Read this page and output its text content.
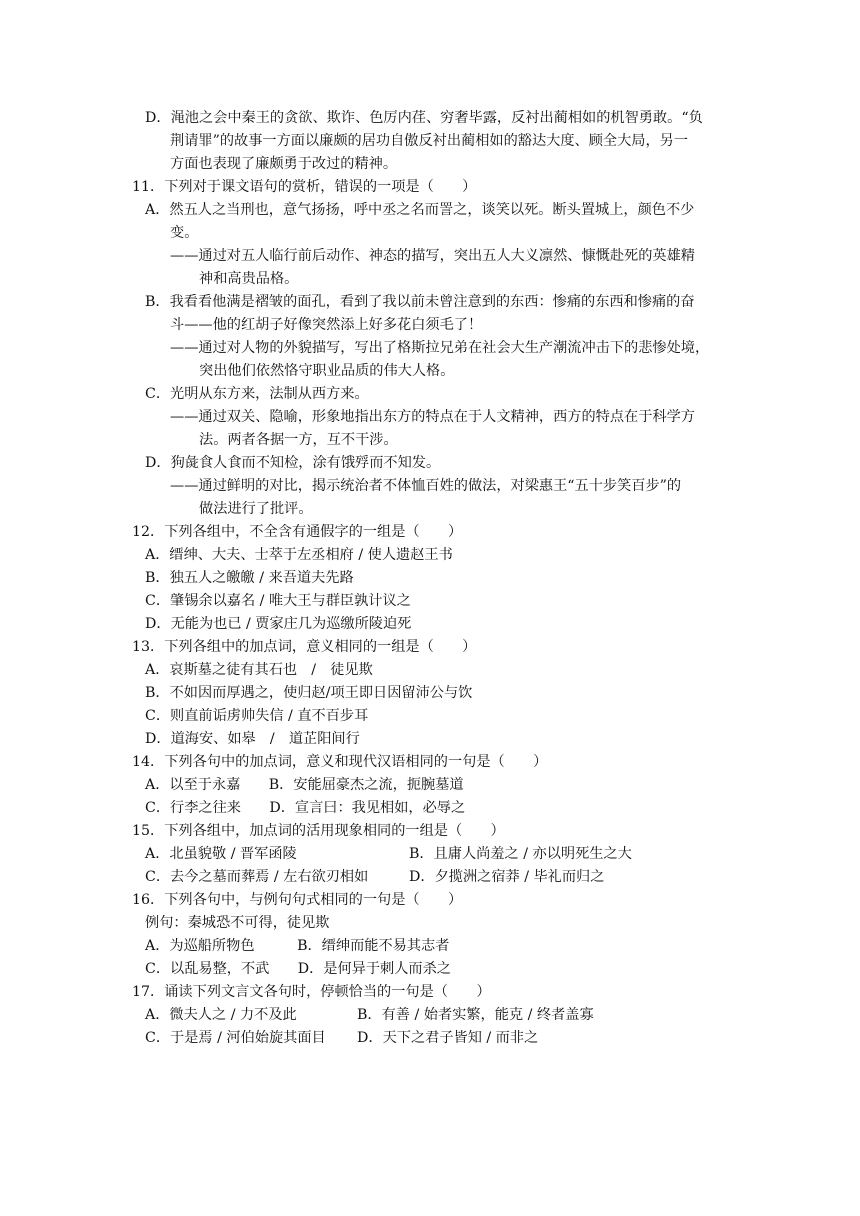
D．渑池之会中秦王的贪欲、欺诈、色厉内荏、穷奢毕露，反衬出蔺相如的机智勇敢。“负
荆请罪”的故事一方面以廉颇的居功自傲反衬出蔺相如的豁达大度、顾全大局，另一
方面也表现了廉颇勇于改过的精神。
11．下列对于课文语句的赏析，错误的一项是（　　）
A．然五人之当刑也，意气扬扬，呼中丞之名而詈之，谈笑以死。断头置城上，颜色不少
变。
——通过对五人临行前后动作、神态的描写，突出五人大义凛然、慷慨赴死的英雄精
神和高贵品格。
B．我看看他满是褶皱的面孔，看到了我以前未曾注意到的东西：惨痛的东西和惨痛的奋
斗——他的红胡子好像突然添上好多花白须毛了！
——通过对人物的外貌描写，写出了格斯拉兄弟在社会大生产潮流冲击下的悲惨处境，
突出他们依然恪守职业品质的伟大人格。
C．光明从东方来，法制从西方来。
——通过双关、隐喻，形象地指出东方的特点在于人文精神，西方的特点在于科学方
法。两者各据一方，互不干涉。
D．狗彘食人食而不知检，涂有饿殍而不知发。
——通过鲜明的对比，揭示统治者不体恤百姓的做法，对梁惠王“五十步笑百步”的
做法进行了批评。
12．下列各组中，不全含有通假字的一组是（　　）
A．缙绅、大夫、士萃于左丞相府 / 使人遗赵王书
B．独五人之皦皦 / 来吾道夫先路
C．肇锡余以嘉名 / 唯大王与群臣孰计议之
D．无能为也已 / 贾家庄几为巡缴所陵迫死
13．下列各组中的加点词，意义相同的一组是（　　）
A．哀斯墓之徒有其石也　/　徒见欺
B．不如因而厚遇之，使归赵/项王即日因留沛公与饮
C．则直前诟虏帅失信 / 直不百步耳
D．道海安、如皋　/　道芷阳间行
14．下列各句中的加点词，意义和现代汉语相同的一句是（　　）
A．以至于永嘉　　B．安能屈豪杰之流，扼腕墓道
C．行李之往来　　D．宣言曰：我见相如，必辱之
15．下列各组中，加点词的活用现象相同的一组是（　　）
A．北虽貌敬 / 晋军函陵	B．且庸人尚羞之 / 亦以明死生之大
C．去今之墓而葬焉 / 左右欲刃相如	D．夕揽洲之宿莽 / 毕礼而归之
16．下列各句中，与例句句式相同的一句是（　　）
例句：秦城恐不可得，徒见欺
A．为巡船所物色　　　B．缙绅而能不易其志者
C．以乱易整，不武　　D．是何异于刺人而杀之
17．诵读下列文言文各句时，停顿恰当的一句是（　　）
A．微夫人之 / 力不及此	B．有善 / 始者实繁，能克 / 终者盖寡
C．于是焉 / 河伯始旋其面目 D．天下之君子皆知 / 而非之
